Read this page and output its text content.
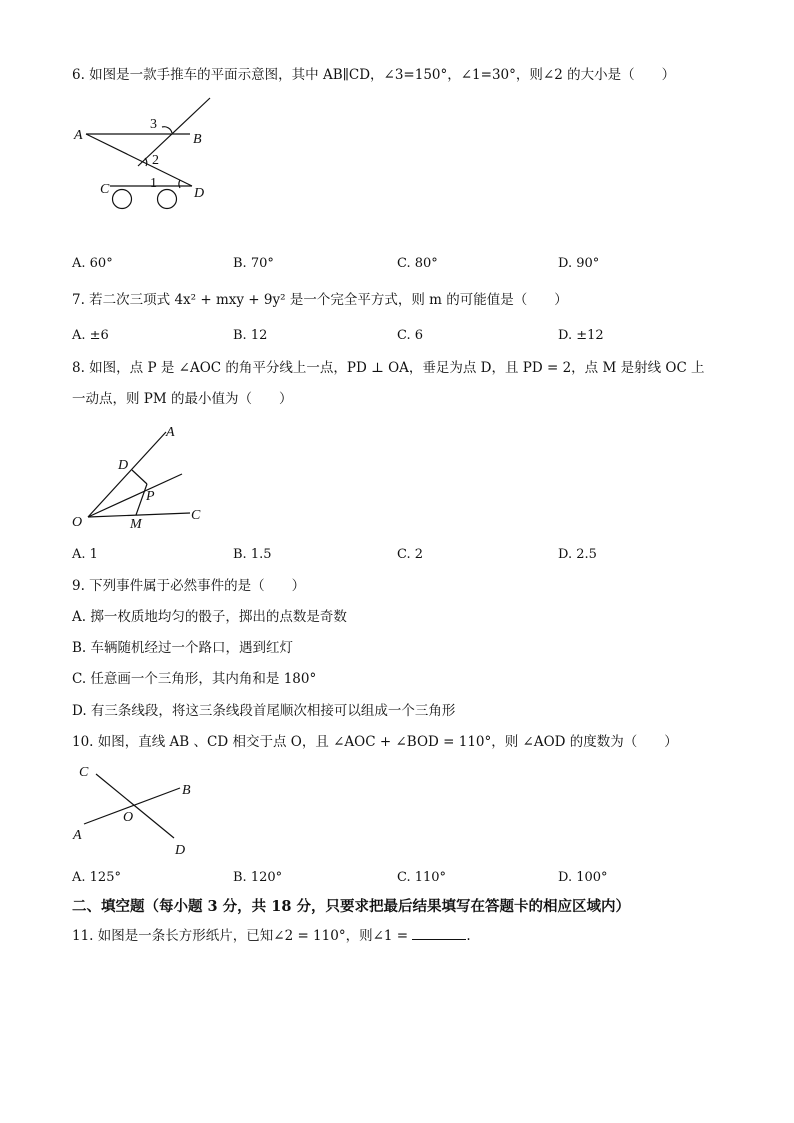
6. 如图是一款手推车的平面示意图，其中 AB∥CD，∠3=150°，∠1=30°，则∠2 的大小是（　　）
A	B
C	D
3
2
1
A. 60°	B. 70°	C. 80°	D. 90°
7. 若二次三项式 4x² + mxy + 9y² 是一个完全平方式，则 m 的可能值是（　　）
A. ±6	B. 12	C. 6	D. ±12
8. 如图，点 P 是 ∠AOC 的角平分线上一点，PD ⊥ OA，垂足为点 D，且 PD = 2，点 M 是射线 OC 上
一动点，则 PM 的最小值为（　　）
A
D
P
O	M
C
A. 1	B. 1.5	C. 2	D. 2.5
9. 下列事件属于必然事件的是（　　）
A. 掷一枚质地均匀的骰子，掷出的点数是奇数
B. 车辆随机经过一个路口，遇到红灯
C. 任意画一个三角形，其内角和是 180°
D. 有三条线段，将这三条线段首尾顺次相接可以组成一个三角形
10. 如图，直线 AB 、CD 相交于点 O，且 ∠AOC + ∠BOD = 110°，则 ∠AOD 的度数为（　　）
C
B
O
A
D
A. 125°	B. 120°	C. 110°	D. 100°
二、填空题（每小题 3 分，共 18 分，只要求把最后结果填写在答题卡的相应区域内）
11. 如图是一条长方形纸片，已知∠2 = 110°，则∠1 =	.
